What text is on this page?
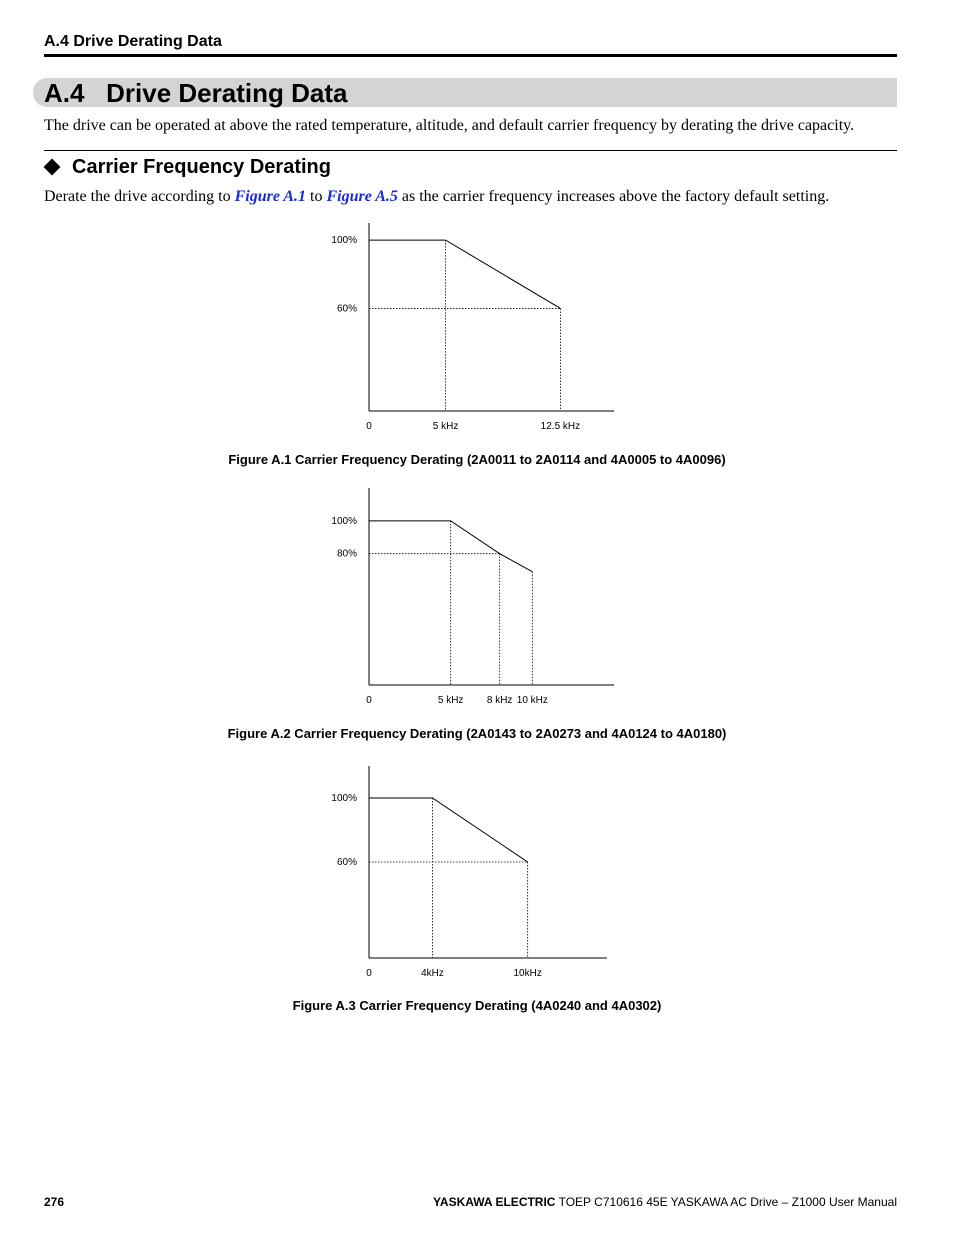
A.4 Drive Derating Data
A.4 Drive Derating Data
The drive can be operated at above the rated temperature, altitude, and default carrier frequency by derating the drive capacity.
Carrier Frequency Derating
Derate the drive according to Figure A.1 to Figure A.5 as the carrier frequency increases above the factory default setting.
100%
60%
0	5 kHz	12.5 kHz
Figure A.1 Carrier Frequency Derating (2A0011 to 2A0114 and 4A0005 to 4A0096)
100%
80%
0	5 kHz 8 kHz 10 kHz
Figure A.2 Carrier Frequency Derating (2A0143 to 2A0273 and 4A0124 to 4A0180)
100%
60%
0	4kHz	10kHz
Figure A.3 Carrier Frequency Derating (4A0240 and 4A0302)
276	YASKAWA ELECTRIC TOEP C710616 45E YASKAWA AC Drive – Z1000 User Manual
